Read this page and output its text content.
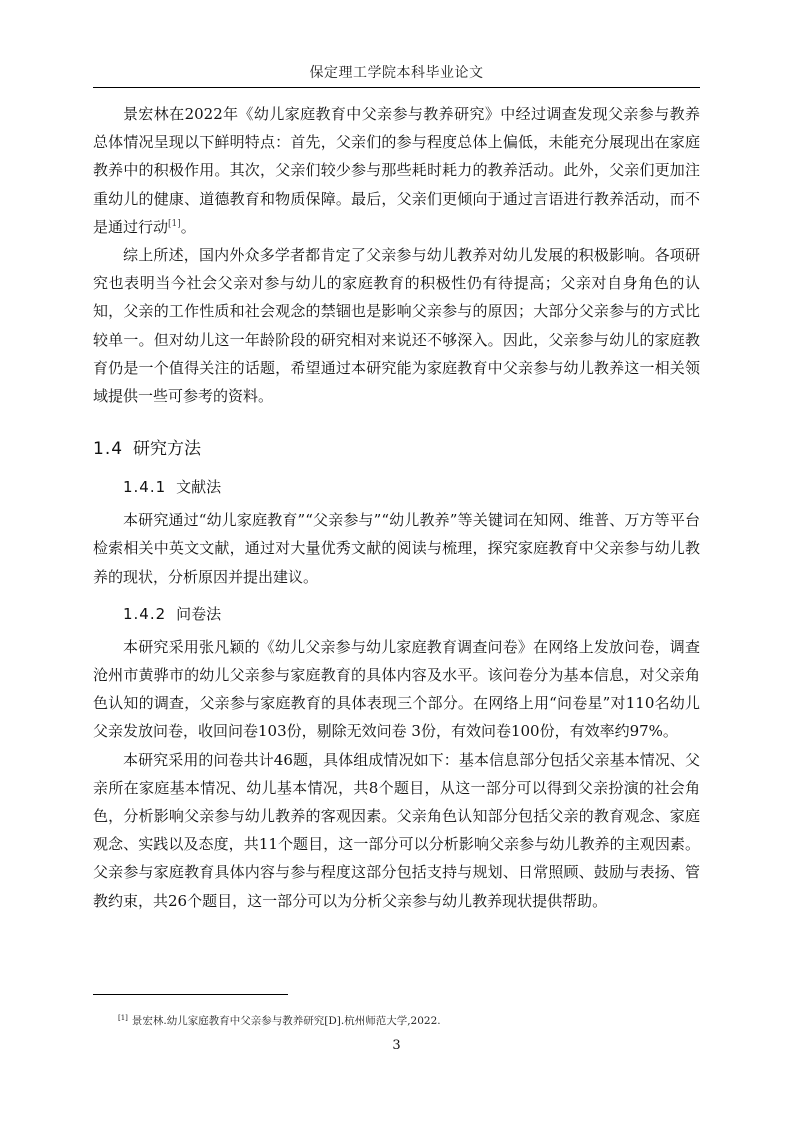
保定理工学院本科毕业论文

景宏林在2022年《幼儿家庭教育中父亲参与教养研究》中经过调查发现父亲参与教养总体情况呈现以下鲜明特点：首先，父亲们的参与程度总体上偏低，未能充分展现出在家庭教养中的积极作用。其次，父亲们较少参与那些耗时耗力的教养活动。此外，父亲们更加注重幼儿的健康、道德教育和物质保障。最后，父亲们更倾向于通过言语进行教养活动，而不是通过行动[1]。

综上所述，国内外众多学者都肯定了父亲参与幼儿教养对幼儿发展的积极影响。各项研究也表明当今社会父亲对参与幼儿的家庭教育的积极性仍有待提高；父亲对自身角色的认知，父亲的工作性质和社会观念的禁锢也是影响父亲参与的原因；大部分父亲参与的方式比较单一。但对幼儿这一年龄阶段的研究相对来说还不够深入。因此，父亲参与幼儿的家庭教育仍是一个值得关注的话题，希望通过本研究能为家庭教育中父亲参与幼儿教养这一相关领域提供一些可参考的资料。

1.4 研究方法
1.4.1 文献法

本研究通过“幼儿家庭教育”“父亲参与”“幼儿教养”等关键词在知网、维普、万方等平台检索相关中英文文献，通过对大量优秀文献的阅读与梳理，探究家庭教育中父亲参与幼儿教养的现状，分析原因并提出建议。

1.4.2 问卷法

本研究采用张凡颖的《幼儿父亲参与幼儿家庭教育调查问卷》在网络上发放问卷，调查沧州市黄骅市的幼儿父亲参与家庭教育的具体内容及水平。该问卷分为基本信息，对父亲角色认知的调查，父亲参与家庭教育的具体表现三个部分。在网络上用“问卷星”对110名幼儿父亲发放问卷，收回问卷103份，剔除无效问卷 3份，有效问卷100份，有效率约97%。

本研究采用的问卷共计46题，具体组成情况如下：基本信息部分包括父亲基本情况、父亲所在家庭基本情况、幼儿基本情况，共8个题目，从这一部分可以得到父亲扮演的社会角色，分析影响父亲参与幼儿教养的客观因素。父亲角色认知部分包括父亲的教育观念、家庭 观念、实践以及态度，共11个题目，这一部分可以分析影响父亲参与幼儿教养的主观因素。父亲参与家庭教育具体内容与参与程度这部分包括支持与规划、日常照顾、鼓励与表扬、管教约束，共26个题目，这一部分可以为分析父亲参与幼儿教养现状提供帮助。

[1] 景宏林.幼儿家庭教育中父亲参与教养研究[D].杭州师范大学,2022.
3
